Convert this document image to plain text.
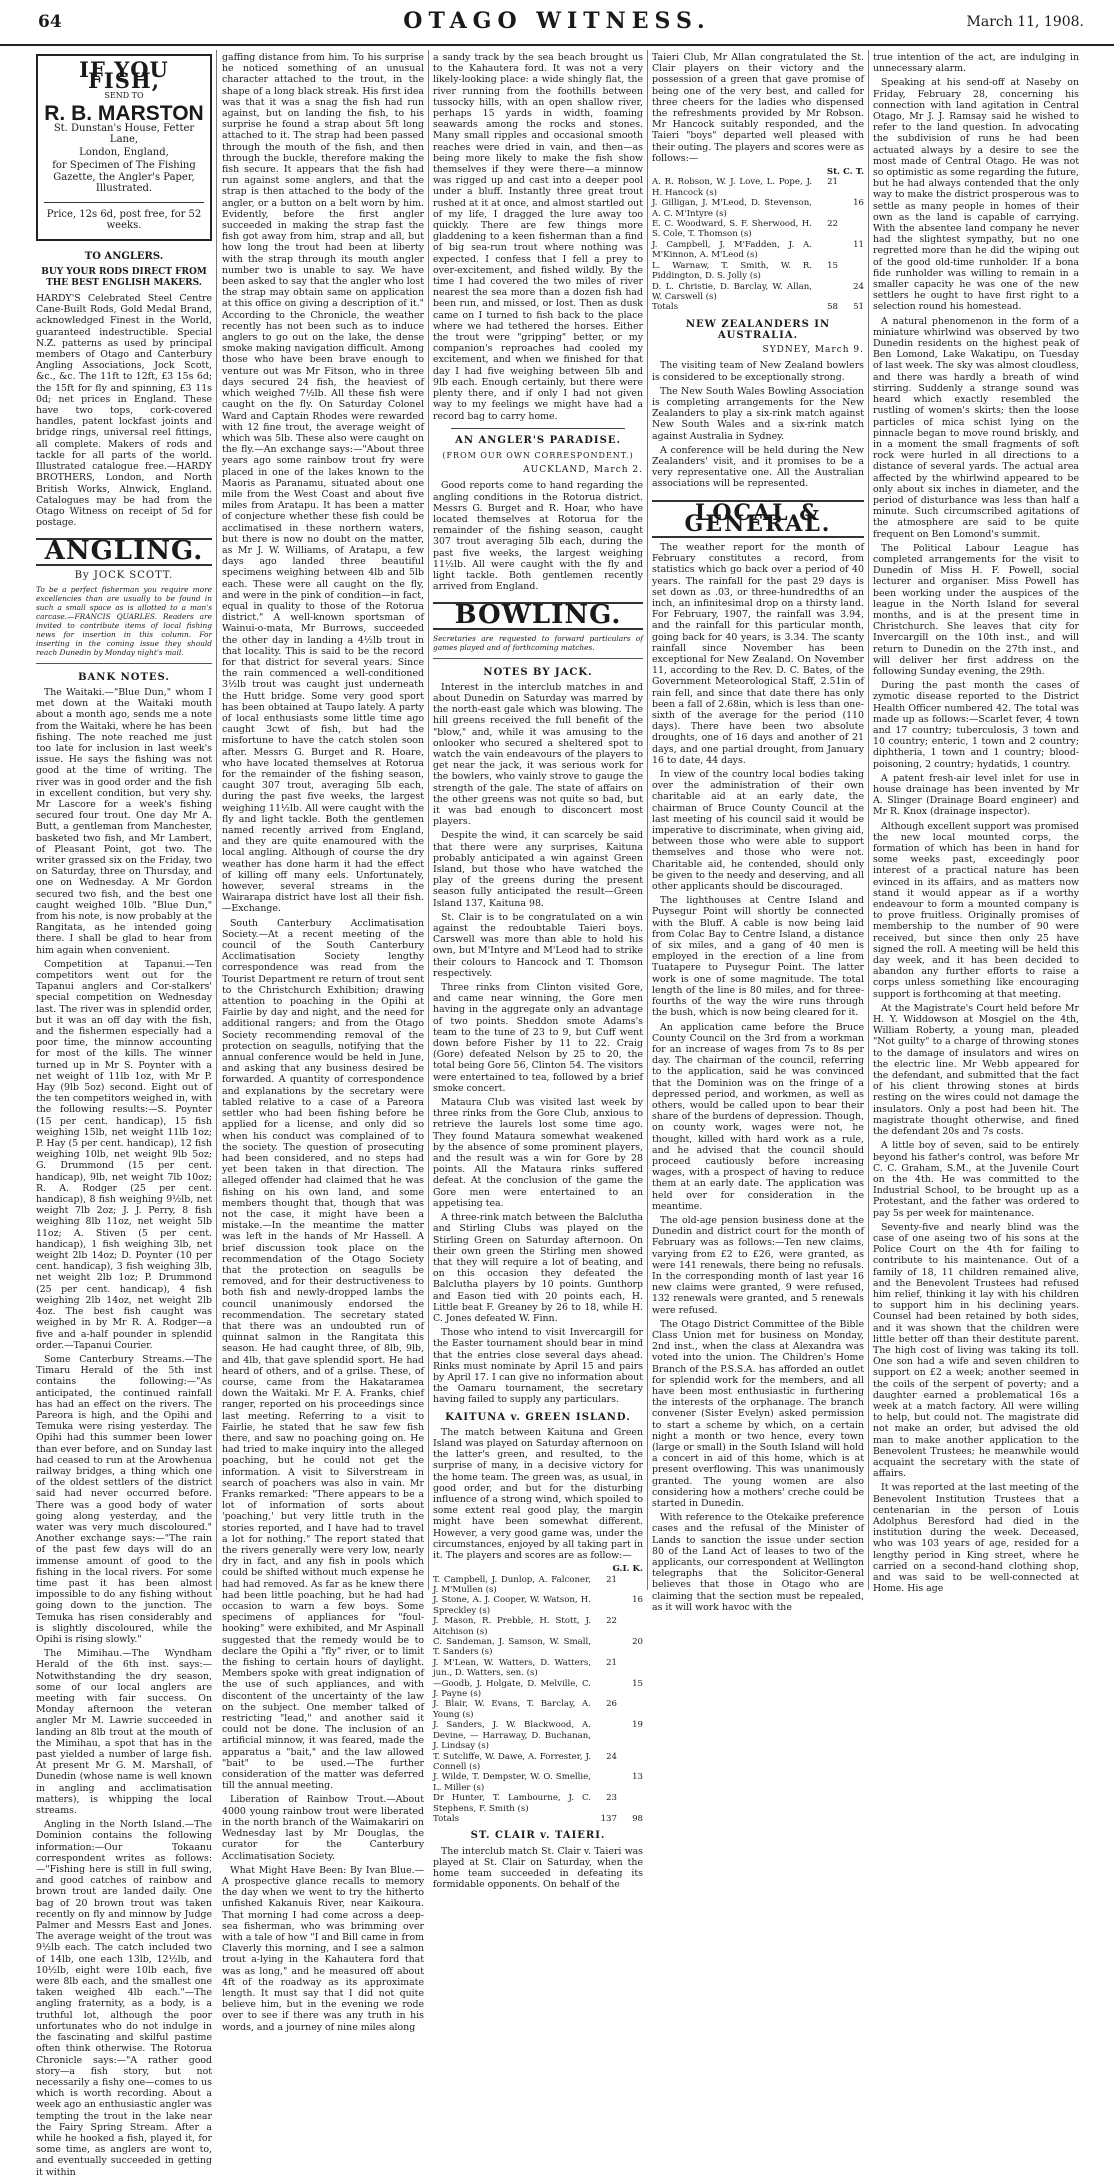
64	OTAGO WITNESS.	March 11, 1908.
IF YOU FISH,
SEND TO
R. B. MARSTON
St. Dunstan's House, Fetter Lane,
London, England,
for Specimen of The Fishing Gazette, the Angler's Paper, Illustrated.
Price, 12s 6d, post free, for 52 weeks.
TO ANGLERS.
BUY YOUR RODS DIRECT FROM THE BEST ENGLISH MAKERS.

HARDY'S Celebrated Steel Centre Cane-Built Rods, Gold Medal Brand, acknowledged Finest in the World, guaranteed indestructible. Special N.Z. patterns as used by principal members of Otago and Canterbury Angling Associations, Jock Scott, &c., &c. The 11ft to 12ft, £3 15s 6d; the 15ft for fly and spinning, £3 11s 0d; net prices in England. These have two tops, cork-covered handles, patent lockfast joints and bridge rings, universal reel fittings, all complete. Makers of rods and tackle for all parts of the world. Illustrated catalogue free.—HARDY BROTHERS, London, and North British Works, Alnwick, England. Catalogues may be had from the Otago Witness on receipt of 5d for postage.

ANGLING.
By JOCK SCOTT.
To be a perfect fisherman you require more excellencies than are usually to be found in such a small space as is allotted to a man's carcase.—FRANCIS QUARLES. Readers are invited to contribute items of local fishing news for insertion in this column. For inserting in the coming issue they should reach Dunedin by Monday night's mail.
BANK NOTES.

The Waitaki.—"Blue Dun," whom I met down at the Waitaki mouth about a month ago, sends me a note from the Waitaki, where he has been fishing. The note reached me just too late for inclusion in last week's issue. He says the fishing was not good at the time of writing. The river was in good order and the fish in excellent condition, but very shy. Mr Lascore for a week's fishing secured four trout. One day Mr A. Butt, a gentleman from Manchester, basketed two fish, and Mr Lambert, of Pleasant Point, got two. The writer grassed six on the Friday, two on Saturday, three on Thursday, and one on Wednesday. A Mr Gordon secured two fish, and the best one caught weighed 10lb. "Blue Dun," from his note, is now probably at the Rangitata, as he intended going there. I shall be glad to hear from him again when convenient.

Competition at Tapanui.—Ten competitors went out for the Tapanui anglers and Cor-stalkers' special competition on Wednesday last. The river was in splendid order, but it was an off day with the fish, and the fishermen especially had a poor time, the minnow accounting for most of the kills. The winner turned up in Mr S. Poynter with a net weight of 11lb 1oz, with Mr P. Hay (9lb 5oz) second. Eight out of the ten competitors weighed in, with the following results:—S. Poynter (15 per cent. handicap), 15 fish weighing 15lb, net weight 11lb 1oz; P. Hay (5 per cent. handicap), 12 fish weighing 10lb, net weight 9lb 5oz; G. Drummond (15 per cent. handicap), 9lb, net weight 7lb 10oz; R. A. Rodger (25 per cent. handicap), 8 fish weighing 9½lb, net weight 7lb 2oz; J. J. Perry, 8 fish weighing 8lb 11oz, net weight 5lb 11oz; A. Stiven (5 per cent. handicap), 1 fish weighing 3lb, net weight 2lb 14oz; D. Poynter (10 per cent. handicap), 3 fish weighing 3lb, net weight 2lb 1oz; P. Drummond (25 per cent. handicap), 4 fish weighing 2lb 14oz, net weight 2lb 4oz. The best fish caught was weighed in by Mr R. A. Rodger—a five and a-half pounder in splendid order.—Tapanui Courier.

Some Canterbury Streams.—The Timaru Herald of the 5th inst contains the following:—"As anticipated, the continued rainfall has had an effect on the rivers. The Pareora is high, and the Opihi and Temuka were rising yesterday. The Opihi had this summer been lower than ever before, and on Sunday last had ceased to run at the Arowhenua railway bridges, a thing which one of the oldest settlers of the district said had never occurred before. There was a good body of water going along yesterday, and the water was very much discoloured." Another exchange says:—"The rain of the past few days will do an immense amount of good to the fishing in the local rivers. For some time past it has been almost impossible to do any fishing without going down to the junction. The Temuka has risen considerably and is slightly discoloured, while the Opihi is rising slowly."

The Mimihau.—The Wyndham Herald of the 6th inst. says:—Notwithstanding the dry season, some of our local anglers are meeting with fair success. On Monday afternoon the veteran angler Mr M. Lawrie succeeded in landing an 8lb trout at the mouth of the Mimihau, a spot that has in the past yielded a number of large fish. At present Mr G. M. Marshall, of Dunedin (whose name is well known in angling and acclimatisation matters), is whipping the local streams.

Angling in the North Island.—The Dominion contains the following information:—Our Tokaanu correspondent writes as follows:—"Fishing here is still in full swing, and good catches of rainbow and brown trout are landed daily. One bag of 20 brown trout was taken recently on fly and minnow by Judge Palmer and Messrs East and Jones. The average weight of the trout was 9½lb each. The catch included two of 14lb, one each 13lb, 12½lb, and 10½lb, eight were 10lb each, five were 8lb each, and the smallest one taken weighed 4lb each."—The angling fraternity, as a body, is a truthful lot, although the poor unfortunates who do not indulge in the fascinating and skilful pastime often think otherwise. The Rotorua Chronicle says:—"A rather good story—a fish story, but not necessarily a fishy one—comes to us which is worth recording. About a week ago an enthusiastic angler was tempting the trout in the lake near the Fairy Spring Stream. After a while he hooked a fish, played it, for some time, as anglers are wont to, and eventually succeeded in getting it within

gaffing distance from him. To his surprise he noticed something of an unusual character attached to the trout, in the shape of a long black streak. His first idea was that it was a snag the fish had run against, but on landing the fish, to his surprise he found a strap about 5ft long attached to it. The strap had been passed through the mouth of the fish, and then through the buckle, therefore making the fish secure. It appears that the fish had run against some anglers, and that the strap is then attached to the body of the angler, or a button on a belt worn by him. Evidently, before the first angler succeeded in making the strap fast the fish got away from him, strap and all, but how long the trout had been at liberty with the strap through its mouth angler number two is unable to say. We have been asked to say that the angler who lost the strap may obtain same on application at this office on giving a description of it." According to the Chronicle, the weather recently has not been such as to induce anglers to go out on the lake, the dense smoke making navigation difficult. Among those who have been brave enough to venture out was Mr Fitson, who in three days secured 24 fish, the heaviest of which weighed 7½lb. All these fish were caught on the fly. On Saturday Colonel Ward and Captain Rhodes were rewarded with 12 fine trout, the average weight of which was 5lb. These also were caught on the fly.—An exchange says:—"About three years ago some rainbow trout fry were placed in one of the lakes known to the Maoris as Paranamu, situated about one mile from the West Coast and about five miles from Aratapu. It has been a matter of conjecture whether these fish could be acclimatised in these northern waters, but there is now no doubt on the matter, as Mr J. W. Williams, of Aratapu, a few days ago landed three beautiful specimens weighing between 4lb and 5lb each. These were all caught on the fly, and were in the pink of condition—in fact, equal in quality to those of the Rotorua district." A well-known sportsman of Wainui-o-mata, Mr Burrows, succeeded the other day in landing a 4½lb trout in that locality. This is said to be the record for that district for several years. Since the rain commenced a well-conditioned 3½lb trout was caught just underneath the Hutt bridge. Some very good sport has been obtained at Taupo lately. A party of local enthusiasts some little time ago caught 3cwt of fish, but had the misfortune to have the catch stolen soon after. Messrs G. Burget and R. Hoare, who have located themselves at Rotorua for the remainder of the fishing season, caught 307 trout, averaging 5lb each, during the past five weeks, the largest weighing 11½lb. All were caught with the fly and light tackle. Both the gentlemen named recently arrived from England, and they are quite enamoured with the local angling. Although of course the dry weather has done harm it had the effect of killing off many eels. Unfortunately, however, several streams in the Wairarapa district have lost all their fish.—Exchange.

South Canterbury Acclimatisation Society.—At a recent meeting of the council of the South Canterbury Acclimatisation Society lengthy correspondence was read from the Tourist Department re return of trout sent to the Christchurch Exhibition; drawing attention to poaching in the Opihi at Fairlie by day and night, and the need for additional rangers; and from the Otago Society recommending removal of the protection on seagulls, notifying that the annual conference would be held in June, and asking that any business desired be forwarded. A quantity of correspondence and explanations by the secretary were tabled relative to a case of a Pareora settler who had been fishing before he applied for a license, and only did so when his conduct was complained of to the society. The question of prosecuting had been considered, and no steps had yet been taken in that direction. The alleged offender had claimed that he was fishing on his own land, and some members thought that, though that was not the case, it might have been a mistake.—In the meantime the matter was left in the hands of Mr Hassell. A brief discussion took place on the recommendation of the Otago Society that the protection on seagulls be removed, and for their destructiveness to both fish and newly-dropped lambs the council unanimously endorsed the recommendation. The secretary stated that there was an undoubted run of quinnat salmon in the Rangitata this season. He had caught three, of 8lb, 9lb, and 4lb, that gave splendid sport. He had heard of others, and of a grilse. These, of course, came from the Hakataramea down the Waitaki. Mr F. A. Franks, chief ranger, reported on his proceedings since last meeting. Referring to a visit to Fairlie, he stated that he saw few fish there, and saw no poaching going on. He had tried to make inquiry into the alleged poaching, but he could not get the information. A visit to Silverstream in search of poachers was also in vain. Mr Franks remarked: "There appears to be a lot of information of sorts about 'poaching,' but very little truth in the stories reported, and I have had to travel a lot for nothing." The report stated that the rivers generally were very low, nearly dry in fact, and any fish in pools which could be shifted without much expense he had had removed. As far as he knew there had been little poaching, but he had had occasion to warn a few boys. Some specimens of appliances for "foul-hooking" were exhibited, and Mr Aspinall suggested that the remedy would be to declare the Opihi a "fly" river, or to limit the fishing to certain hours of daylight. Members spoke with great indignation of the use of such appliances, and with discontent of the uncertainty of the law on the subject. One member talked of restricting "lead," and another said it could not be done. The inclusion of an artificial minnow, it was feared, made the apparatus a "bait," and the law allowed "bait" to be used.—The further consideration of the matter was deferred till the annual meeting.

Liberation of Rainbow Trout.—About 4000 young rainbow trout were liberated in the north branch of the Waimakariri on Wednesday last by Mr Douglas, the curator for the Canterbury Acclimatisation Society.

What Might Have Been: By Ivan Blue.—A prospective glance recalls to memory the day when we went to try the hitherto unfished Kakanuis River, near Kaikoura. That morning I had come across a deep-sea fisherman, who was brimming over with a tale of how "I and Bill came in from Claverly this morning, and I see a salmon trout a-lying in the Kahautera ford that was as long," and he measured off about 4ft of the roadway as its approximate length. It must say that I did not quite believe him, but in the evening we rode over to see if there was any truth in his words, and a journey of nine miles along

a sandy track by the sea beach brought us to the Kahautera ford. It was not a very likely-looking place: a wide shingly flat, the river running from the foothills between tussocky hills, with an open shallow river, perhaps 15 yards in width, foaming seawards among the rocks and stones. Many small ripples and occasional smooth reaches were dried in vain, and then—as being more likely to make the fish show themselves if they were there—a minnow was rigged up and cast into a deeper pool under a bluff. Instantly three great trout rushed at it at once, and almost startled out of my life, I dragged the lure away too quickly. There are few things more gladdening to a keen fisherman than a find of big sea-run trout where nothing was expected. I confess that I fell a prey to over-excitement, and fished wildly. By the time I had covered the two miles of river nearest the sea more than a dozen fish had been run, and missed, or lost. Then as dusk came on I turned to fish back to the place where we had tethered the horses. Either the trout were "gripping" better, or my companion's reproaches had cooled my excitement, and when we finished for that day I had five weighing between 5lb and 9lb each. Enough certainly, but there were plenty there, and if only I had not given way to my feelings we might have had a record bag to carry home.

AN ANGLER'S PARADISE.
(FROM OUR OWN CORRESPONDENT.)
AUCKLAND, March 2.

Good reports come to hand regarding the angling conditions in the Rotorua district. Messrs G. Burget and R. Hoar, who have located themselves at Rotorua for the remainder of the fishing season, caught 307 trout averaging 5lb each, during the past five weeks, the largest weighing 11½lb. All were caught with the fly and light tackle. Both gentlemen recently arrived from England.

BOWLING.
Secretaries are requested to forward particulars of games played and of forthcoming matches.
NOTES BY JACK.

Interest in the interclub matches in and about Dunedin on Saturday was marred by the north-east gale which was blowing. The hill greens received the full benefit of the "blow," and, while it was amusing to the onlooker who secured a sheltered spot to watch the vain endeavours of the players to get near the jack, it was serious work for the bowlers, who vainly strove to gauge the strength of the gale. The state of affairs on the other greens was not quite so bad, but it was bad enough to disconcert most players.

Despite the wind, it can scarcely be said that there were any surprises, Kaituna probably anticipated a win against Green Island, but those who have watched the play of the greens during the present season fully anticipated the result—Green Island 137, Kaituna 98.

St. Clair is to be congratulated on a win against the redoubtable Taieri boys. Carswell was more than able to hold his own, but M'Intyre and M'Leod had to strike their colours to Hancock and T. Thomson respectively.

Three rinks from Clinton visited Gore, and came near winning, the Gore men having in the aggregate only an advantage of two points. Sheddon smote Adams's team to the tune of 23 to 9, but Cuff went down before Fisher by 11 to 22. Craig (Gore) defeated Nelson by 25 to 20, the total being Gore 56, Clinton 54. The visitors were entertained to tea, followed by a brief smoke concert.

Mataura Club was visited last week by three rinks from the Gore Club, anxious to retrieve the laurels lost some time ago. They found Mataura somewhat weakened by the absence of some prominent players, and the result was a win for Gore by 28 points. All the Mataura rinks suffered defeat. At the conclusion of the game the Gore men were entertained to an appetising tea.

A three-rink match between the Balclutha and Stirling Clubs was played on the Stirling Green on Saturday afternoon. On their own green the Stirling men showed that they will require a lot of beating, and on this occasion they defeated the Balclutha players by 10 points. Gunthorp and Eason tied with 20 points each, H. Little beat F. Greaney by 26 to 18, while H. C. Jones defeated W. Finn.

Those who intend to visit Invercargill for the Easter tournament should bear in mind that the entries close several days ahead. Rinks must nominate by April 15 and pairs by April 17. I can give no information about the Oamaru tournament, the secretary having failed to supply any particulars.

KAITUNA v. GREEN ISLAND.

The match between Kaituna and Green Island was played on Saturday afternoon on the latter's green, and resulted, to the surprise of many, in a decisive victory for the home team. The green was, as usual, in good order, and but for the disturbing influence of a strong wind, which spoiled to some extent real good play, the margin might have been somewhat different. However, a very good game was, under the circumstances, enjoyed by all taking part in it. The players and scores are as follow:—

G.I. K.
T. Campbell, J. Dunlop, A. Falconer, J. M'Mullen (s)
21
J. Stone, A. J. Cooper, W. Watson, H. Spreckley (s)
16
J. Mason, R. Prebble, H. Stott, J. Aitchison (s)
22
C. Sandeman, J. Samson, W. Small, T. Sanders (s)
20
J. M'Lean, W. Watters, D. Watters, jun., D. Watters, sen. (s)
21
—Goodb, J. Holgate, D. Melville, C. J. Payne (s)
15
J. Blair, W. Evans, T. Barclay, A. Young (s)
26
J. Sanders, J. W. Blackwood, A. Devine, — Harraway, D. Buchanan, J. Lindsay (s)
19
T. Sutcliffe, W. Dawe, A. Forrester, J. Connell (s)
24
J. Wilde, T. Dempster, W. O. Smellie, L. Miller (s)
13
Dr Hunter, T. Lambourne, J. C. Stephens, F. Smith (s)
23
Totals	137	98
ST. CLAIR v. TAIERI.

The interclub match St. Clair v. Taieri was played at St. Clair on Saturday, when the home team succeeded in defeating its formidable opponents. On behalf of the

Taieri Club, Mr Allan congratulated the St. Clair players on their victory and the possession of a green that gave promise of being one of the very best, and called for three cheers for the ladies who dispensed the refreshments provided by Mr Robson. Mr Hancock suitably responded, and the Taieri "boys" departed well pleased with their outing. The players and scores were as follows:—

St. C. T.
A. R. Robson, W. J. Love, L. Pope, J. H. Hancock (s)
21
J. Gilligan, J. M'Leod, D. Stevenson, A. C. M'Intyre (s)
16
E. C. Woodward, S. F. Sherwood, H. S. Cole, T. Thomson (s)
22
J. Campbell, J. M'Fadden, J. A. M'Kinnon, A. M'Leod (s)
11
L. Warnaw, T. Smith, W. R. Piddington, D. S. Jolly (s)
15
D. L. Christie, D. Barclay, W. Allan, W. Carswell (s)
24
Totals	58	51
NEW ZEALANDERS IN AUSTRALIA.
SYDNEY, March 9.

The visiting team of New Zealand bowlers is considered to be exceptionally strong.

The New South Wales Bowling Association is completing arrangements for the New Zealanders to play a six-rink match against New South Wales and a six-rink match against Australia in Sydney.

A conference will be held during the New Zealanders' visit, and it promises to be a very representative one. All the Australian associations will be represented.

LOCAL & GENERAL.

The weather report for the month of February constitutes a record, from statistics which go back over a period of 40 years. The rainfall for the past 29 days is set down as .03, or three-hundredths of an inch, an infinitesimal drop on a thirsty land. For February, 1907, the rainfall was 3.94, and the rainfall for this particular month, going back for 40 years, is 3.34. The scanty rainfall since November has been exceptional for New Zealand. On November 11, according to the Rev. D. C. Bates, of the Government Meteorological Staff, 2.51in of rain fell, and since that date there has only been a fall of 2.68in, which is less than one-sixth of the average for the period (110 days). There have been two absolute droughts, one of 16 days and another of 21 days, and one partial drought, from January 16 to date, 44 days.

In view of the country local bodies taking over the administration of their own charitable aid at an early date, the chairman of Bruce County Council at the last meeting of his council said it would be imperative to discriminate, when giving aid, between those who were able to support themselves and those who were not. Charitable aid, he contended, should only be given to the needy and deserving, and all other applicants should be discouraged.

The lighthouses at Centre Island and Puysegur Point will shortly be connected with the Bluff. A cable is now being laid from Colac Bay to Centre Island, a distance of six miles, and a gang of 40 men is employed in the erection of a line from Tuatapere to Puysegur Point. The latter work is one of some magnitude. The total length of the line is 80 miles, and for three-fourths of the way the wire runs through the bush, which is now being cleared for it.

An application came before the Bruce County Council on the 3rd from a workman for an increase of wages from 7s to 8s per day. The chairman of the council, referring to the application, said he was convinced that the Dominion was on the fringe of a depressed period, and workmen, as well as others, would be called upon to bear their share of the burdens of depression. Though, on county work, wages were not, he thought, killed with hard work as a rule, and he advised that the council should proceed cautiously before increasing wages, with a prospect of having to reduce them at an early date. The application was held over for consideration in the meantime.

The old-age pension business done at the Dunedin and district court for the month of February was as follows:—Ten new claims, varying from £2 to £26, were granted, as were 141 renewals, there being no refusals. In the corresponding month of last year 16 new claims were granted, 9 were refused, 132 renewals were granted, and 5 renewals were refused.

The Otago District Committee of the Bible Class Union met for business on Monday, 2nd inst., when the class at Alexandra was voted into the union. The Children's Home Branch of the P.S.S.A. has afforded an outlet for splendid work for the members, and all have been most enthusiastic in furthering the interests of the orphanage. The branch convener (Sister Evelyn) asked permission to start a scheme by which, on a certain night a month or two hence, every town (large or small) in the South Island will hold a concert in aid of this home, which is at present overflowing. This was unanimously granted. The young women are also considering how a mothers' creche could be started in Dunedin.

With reference to the Otekaike preference cases and the refusal of the Minister of Lands to sanction the issue under section 80 of the Land Act of leases to two of the applicants, our correspondent at Wellington telegraphs that the Solicitor-General believes that those in Otago who are claiming that the section must be repealed, as it will work havoc with the

true intention of the act, are indulging in unnecessary alarm.

Speaking at his send-off at Naseby on Friday, February 28, concerning his connection with land agitation in Central Otago, Mr J. J. Ramsay said he wished to refer to the land question. In advocating the subdivision of runs he had been actuated always by a desire to see the most made of Central Otago. He was not so optimistic as some regarding the future, but he had always contended that the only way to make the district prosperous was to settle as many people in homes of their own as the land is capable of carrying. With the absentee land company he never had the slightest sympathy, but no one regretted more than he did the wiping out of the good old-time runholder. If a bona fide runholder was willing to remain in a smaller capacity he was one of the new settlers he ought to have first right to a selection round his homestead.

A natural phenomenon in the form of a miniature whirlwind was observed by two Dunedin residents on the highest peak of Ben Lomond, Lake Wakatipu, on Tuesday of last week. The sky was almost cloudless, and there was hardly a breath of wind stirring. Suddenly a strange sound was heard which exactly resembled the rustling of women's skirts; then the loose particles of mica schist lying on the pinnacle began to move round briskly, and in a moment the small fragments of soft rock were hurled in all directions to a distance of several yards. The actual area affected by the whirlwind appeared to be only about six inches in diameter, and the period of disturbance was less than half a minute. Such circumscribed agitations of the atmosphere are said to be quite frequent on Ben Lomond's summit.

The Political Labour League has completed arrangements for the visit to Dunedin of Miss H. F. Powell, social lecturer and organiser. Miss Powell has been working under the auspices of the league in the North Island for several months, and is at the present time in Christchurch. She leaves that city for Invercargill on the 10th inst., and will return to Dunedin on the 27th inst., and will deliver her first address on the following Sunday evening, the 29th.

During the past month the cases of zymotic disease reported to the District Health Officer numbered 42. The total was made up as follows:—Scarlet fever, 4 town and 17 country; tuberculosis, 3 town and 10 country; enteric, 1 town and 2 country; diphtheria, 1 town and 1 country; blood-poisoning, 2 country; hydatids, 1 country.

A patent fresh-air level inlet for use in house drainage has been invented by Mr A. Slinger (Drainage Board engineer) and Mr R. Knox (drainage inspector).

Although excellent support was promised the new local mounted corps, the formation of which has been in hand for some weeks past, exceedingly poor interest of a practical nature has been evinced in its affairs, and as matters now stand it would appear as if a worthy endeavour to form a mounted company is to prove fruitless. Originally promises of membership to the number of 90 were received, but since then only 25 have signed the roll. A meeting will be held this day week, and it has been decided to abandon any further efforts to raise a corps unless something like encouraging support is forthcoming at that meeting.

At the Magistrate's Court held before Mr H. Y. Widdowson at Mosgiel on the 4th, William Roberty, a young man, pleaded "Not guilty" to a charge of throwing stones to the damage of insulators and wires on the electric line. Mr Webb appeared for the defendant, and submitted that the fact of his client throwing stones at birds resting on the wires could not damage the insulators. Only a post had been hit. The magistrate thought otherwise, and fined the defendant 20s and 7s costs.

A little boy of seven, said to be entirely beyond his father's control, was before Mr C. C. Graham, S.M., at the Juvenile Court on the 4th. He was committed to the Industrial School, to be brought up as a Protestant, and the father was ordered to pay 5s per week for maintenance.

Seventy-five and nearly blind was the case of one aseing two of his sons at the Police Court on the 4th for failing to contribute to his maintenance. Out of a family of 18, 11 children remained alive, and the Benevolent Trustees had refused him relief, thinking it lay with his children to support him in his declining years. Counsel had been retained by both sides, and it was shown that the children were little better off than their destitute parent. The high cost of living was taking its toll. One son had a wife and seven children to support on £2 a week; another seemed in the coils of the serpent of poverty; and a daughter earned a problematical 16s a week at a match factory. All were willing to help, but could not. The magistrate did not make an order, but advised the old man to make another application to the Benevolent Trustees; he meanwhile would acquaint the secretary with the state of affairs.

It was reported at the last meeting of the Benevolent Institution Trustees that a centenarian in the person of Louis Adolphus Beresford had died in the institution during the week. Deceased, who was 103 years of age, resided for a lengthy period in King street, where he carried on a second-hand clothing shop, and was said to be well-connected at Home. His age
